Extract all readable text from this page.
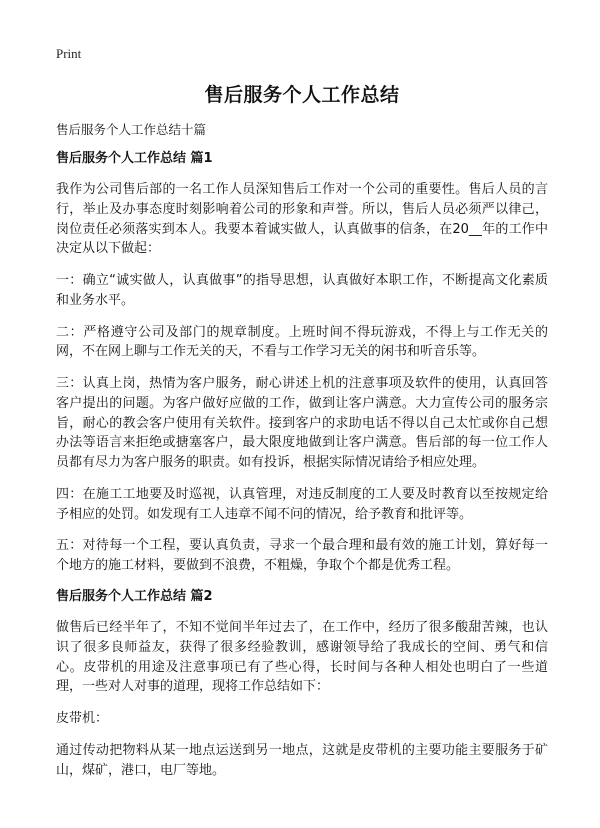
Print
售后服务个人工作总结
售后服务个人工作总结十篇
售后服务个人工作总结 篇1

我作为公司售后部的一名工作人员深知售后工作对一个公司的重要性。售后人员的言行，举止及办事态度时刻影响着公司的形象和声誉。所以，售后人员必须严以律己，岗位责任必须落实到本人。我要本着诚实做人，认真做事的信条，在20__年的工作中决定从以下做起：

一：确立“诚实做人，认真做事”的指导思想，认真做好本职工作，不断提高文化素质和业务水平。

二：严格遵守公司及部门的规章制度。上班时间不得玩游戏，不得上与工作无关的网，不在网上聊与工作无关的天，不看与工作学习无关的闲书和听音乐等。

三：认真上岗，热情为客户服务，耐心讲述上机的注意事项及软件的使用，认真回答客户提出的问题。为客户做好应做的工作，做到让客户满意。大力宣传公司的服务宗旨，耐心的教会客户使用有关软件。接到客户的求助电话不得以自己太忙或你自己想办法等语言来拒绝或搪塞客户，最大限度地做到让客户满意。售后部的每一位工作人员都有尽力为客户服务的职责。如有投诉，根据实际情况请给予相应处理。

四：在施工工地要及时巡视，认真管理，对违反制度的工人要及时教育以至按规定给予相应的处罚。如发现有工人违章不闻不问的情况，给予教育和批评等。

五：对待每一个工程，要认真负责，寻求一个最合理和最有效的施工计划，算好每一个地方的施工材料，要做到不浪费，不粗燥，争取个个都是优秀工程。

售后服务个人工作总结 篇2

做售后已经半年了，不知不觉间半年过去了，在工作中，经历了很多酸甜苦辣，也认识了很多良师益友，获得了很多经验教训，感谢领导给了我成长的空间、勇气和信心。皮带机的用途及注意事项已有了些心得，长时间与各种人相处也明白了一些道理，一些对人对事的道理，现将工作总结如下：

皮带机：

通过传动把物料从某一地点运送到另一地点，这就是皮带机的主要功能主要服务于矿山，煤矿，港口，电厂等地。
